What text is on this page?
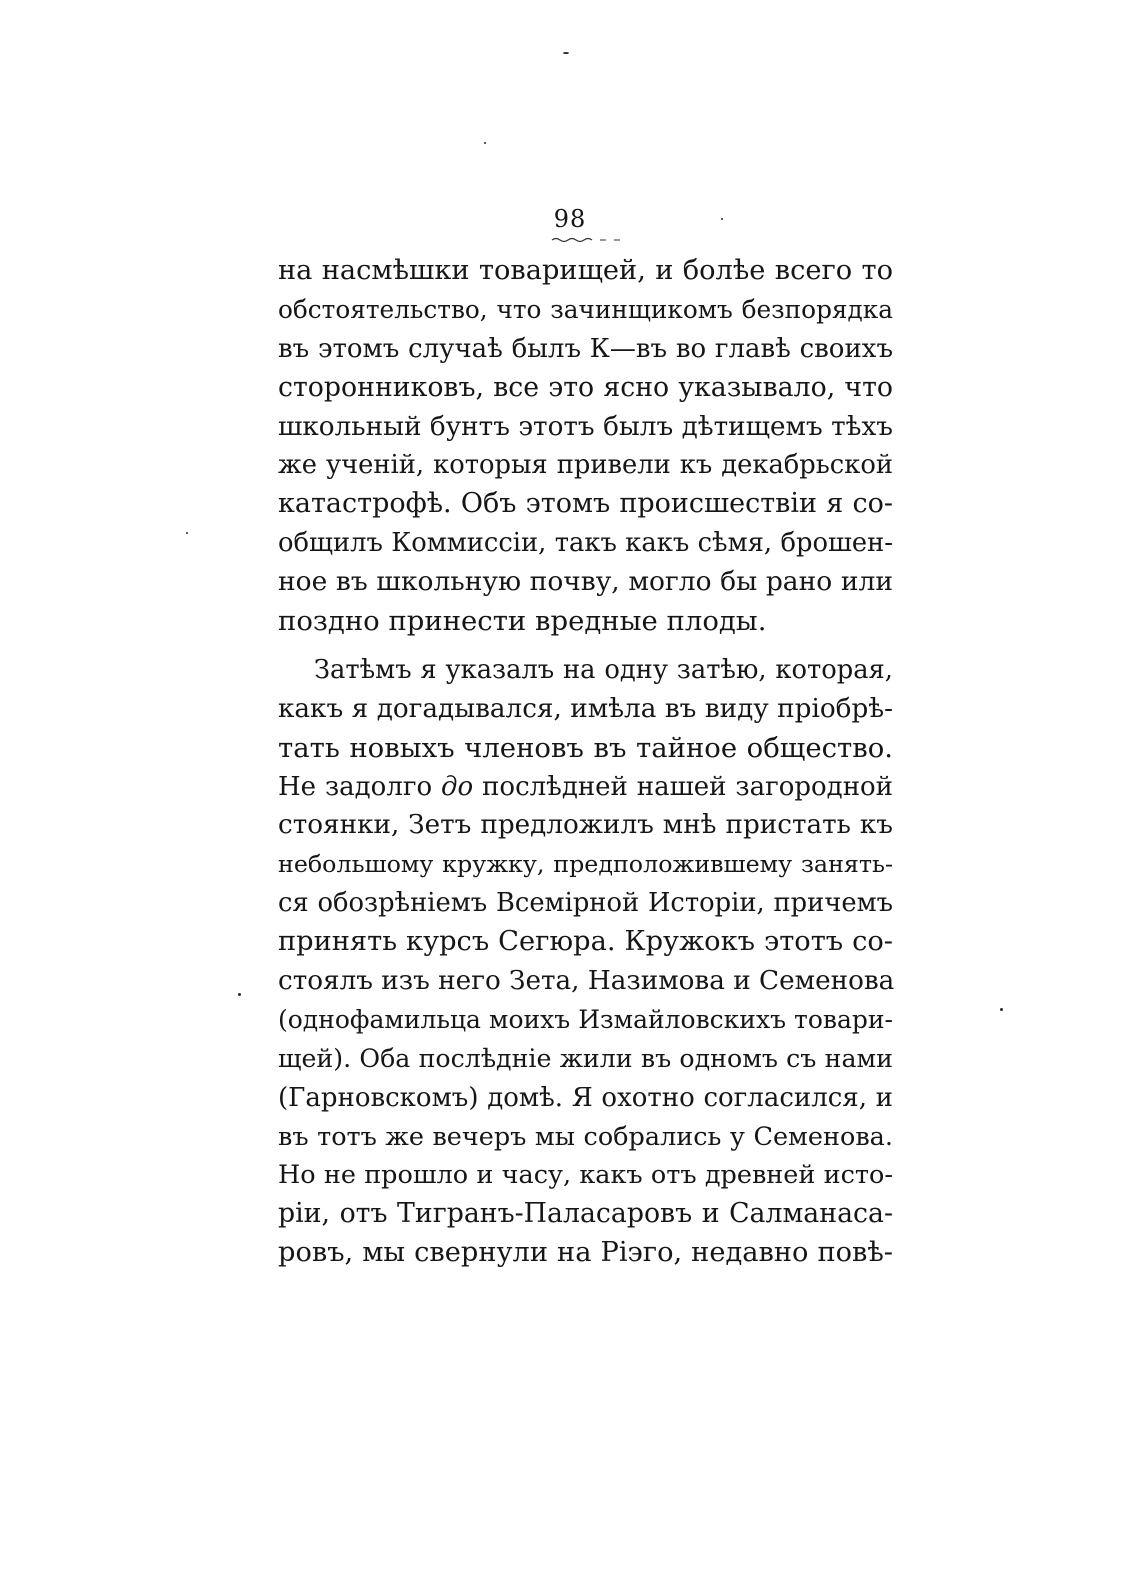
98
на насмѣшки товарищей, и болѣе всего то
обстоятельство, что зачинщикомъ безпорядка
въ этомъ случаѣ былъ К—въ во главѣ своихъ
сторонниковъ, все это ясно указывало, что
школьный бунтъ этотъ былъ дѣтищемъ тѣхъ
же ученій, которыя привели къ декабрьской
катастрофѣ. Объ этомъ происшествіи я со-
общилъ Коммиссіи, такъ какъ сѣмя, брошен-
ное въ школьную почву, могло бы рано или
поздно принести вредные плоды.
Затѣмъ я указалъ на одну затѣю, которая,
какъ я догадывался, имѣла въ виду пріобрѣ-
тать новыхъ членовъ въ тайное общество.
Не задолго до послѣдней нашей загородной
стоянки, Зетъ предложилъ мнѣ пристать къ
небольшому кружку, предположившему занять-
ся обозрѣніемъ Всемірной Исторіи, причемъ
принять курсъ Сегюра. Кружокъ этотъ со-
стоялъ изъ него Зета, Назимова и Семенова
(однофамильца моихъ Измайловскихъ товари-
щей). Оба послѣдніе жили въ одномъ съ нами
(Гарновскомъ) домѣ. Я охотно согласился, и
въ тотъ же вечеръ мы собрались у Семенова.
Но не прошло и часу, какъ отъ древней исто-
ріи, отъ Тигранъ-Паласаровъ и Салманаса-
ровъ, мы свернули на Ріэго, недавно повѣ-
